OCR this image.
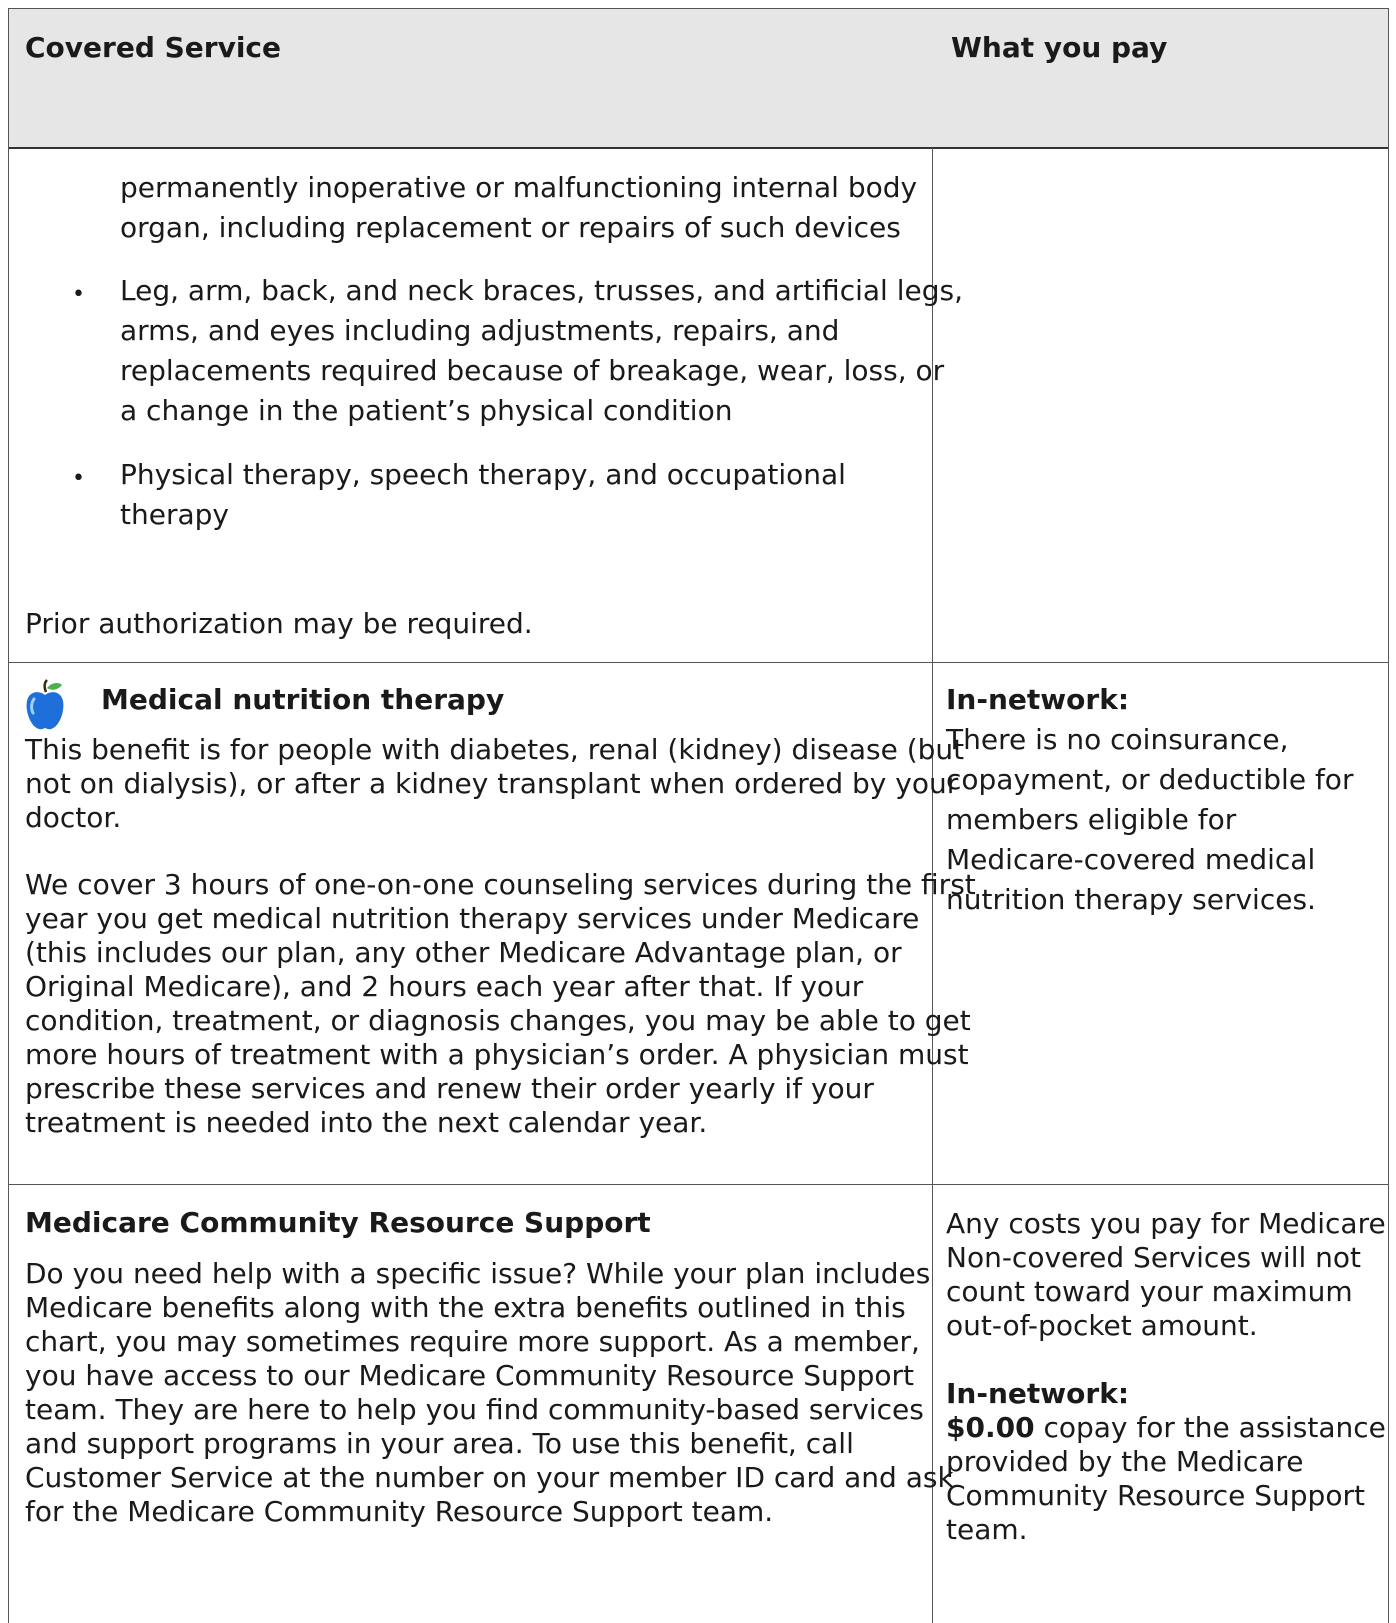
Covered Service	What you pay
permanently inoperative or malfunctioning internal body
organ, including replacement or repairs of such devices
• Leg, arm, back, and neck braces, trusses, and artificial legs,
arms, and eyes including adjustments, repairs, and
replacements required because of breakage, wear, loss, or
a change in the patient’s physical condition
• Physical therapy, speech therapy, and occupational
therapy
Prior authorization may be required.
Medical nutrition therapy
This benefit is for people with diabetes, renal (kidney) disease (but
not on dialysis), or after a kidney transplant when ordered by your
doctor.
We cover 3 hours of one-on-one counseling services during the first
year you get medical nutrition therapy services under Medicare
(this includes our plan, any other Medicare Advantage plan, or
Original Medicare), and 2 hours each year after that. If your
condition, treatment, or diagnosis changes, you may be able to get
more hours of treatment with a physician’s order. A physician must
prescribe these services and renew their order yearly if your
treatment is needed into the next calendar year.
In-network:
There is no coinsurance,
copayment, or deductible for
members eligible for
Medicare-covered medical
nutrition therapy services.
Medicare Community Resource Support
Do you need help with a specific issue? While your plan includes
Medicare benefits along with the extra benefits outlined in this
chart, you may sometimes require more support. As a member,
you have access to our Medicare Community Resource Support
team. They are here to help you find community-based services
and support programs in your area. To use this benefit, call
Customer Service at the number on your member ID card and ask
for the Medicare Community Resource Support team.
Any costs you pay for Medicare
Non-covered Services will not
count toward your maximum
out-of-pocket amount.
In-network:
$0.00 copay for the assistance
provided by the Medicare
Community Resource Support
team.
